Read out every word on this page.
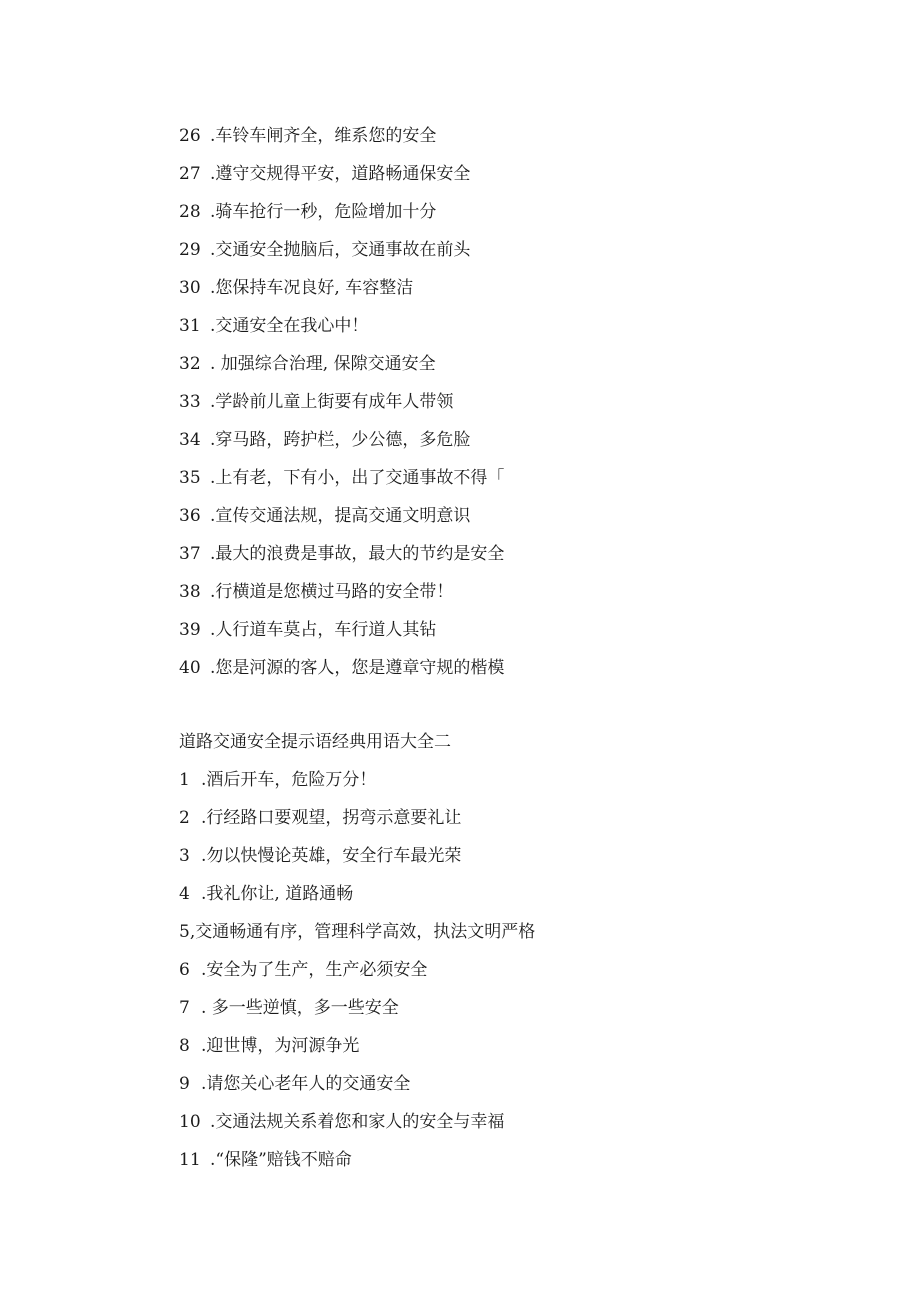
26 .车铃车闸齐全，维系您的安全
27 .遵守交规得平安，道路畅通保安全
28 .骑车抢行一秒，危险增加十分
29 .交通安全抛脑后，交通事故在前头
30 .您保持车况良好, 车容整洁
31 .交通安全在我心中！
32 . 加强综合治理, 保隙交通安全
33 .学龄前儿童上街要有成年人带领
34 .穿马路，跨护栏，少公德，多危脸
35 .上有老，下有小，出了交通事故不得「
36 .宣传交通法规，提高交通文明意识
37 .最大的浪费是事故，最大的节约是安全
38 .行横道是您横过马路的安全带！
39 .人行道车莫占，车行道人其钻
40 .您是河源的客人，您是遵章守规的楷模
道路交通安全提示语经典用语大全二
1 .酒后开车，危险万分！
2 .行经路口要观望，拐弯示意要礼让
3 .勿以快慢论英雄，安全行车最光荣
4 .我礼你让, 道路通畅
5,交通畅通有序，管理科学高效，执法文明严格
6 .安全为了生产，生产必须安全
7 . 多一些逆慎，多一些安全
8 .迎世博，为河源争光
9 .请您关心老年人的交通安全
10 .交通法规关系着您和家人的安全与幸福
11 .“保隆”赔钱不赔命
